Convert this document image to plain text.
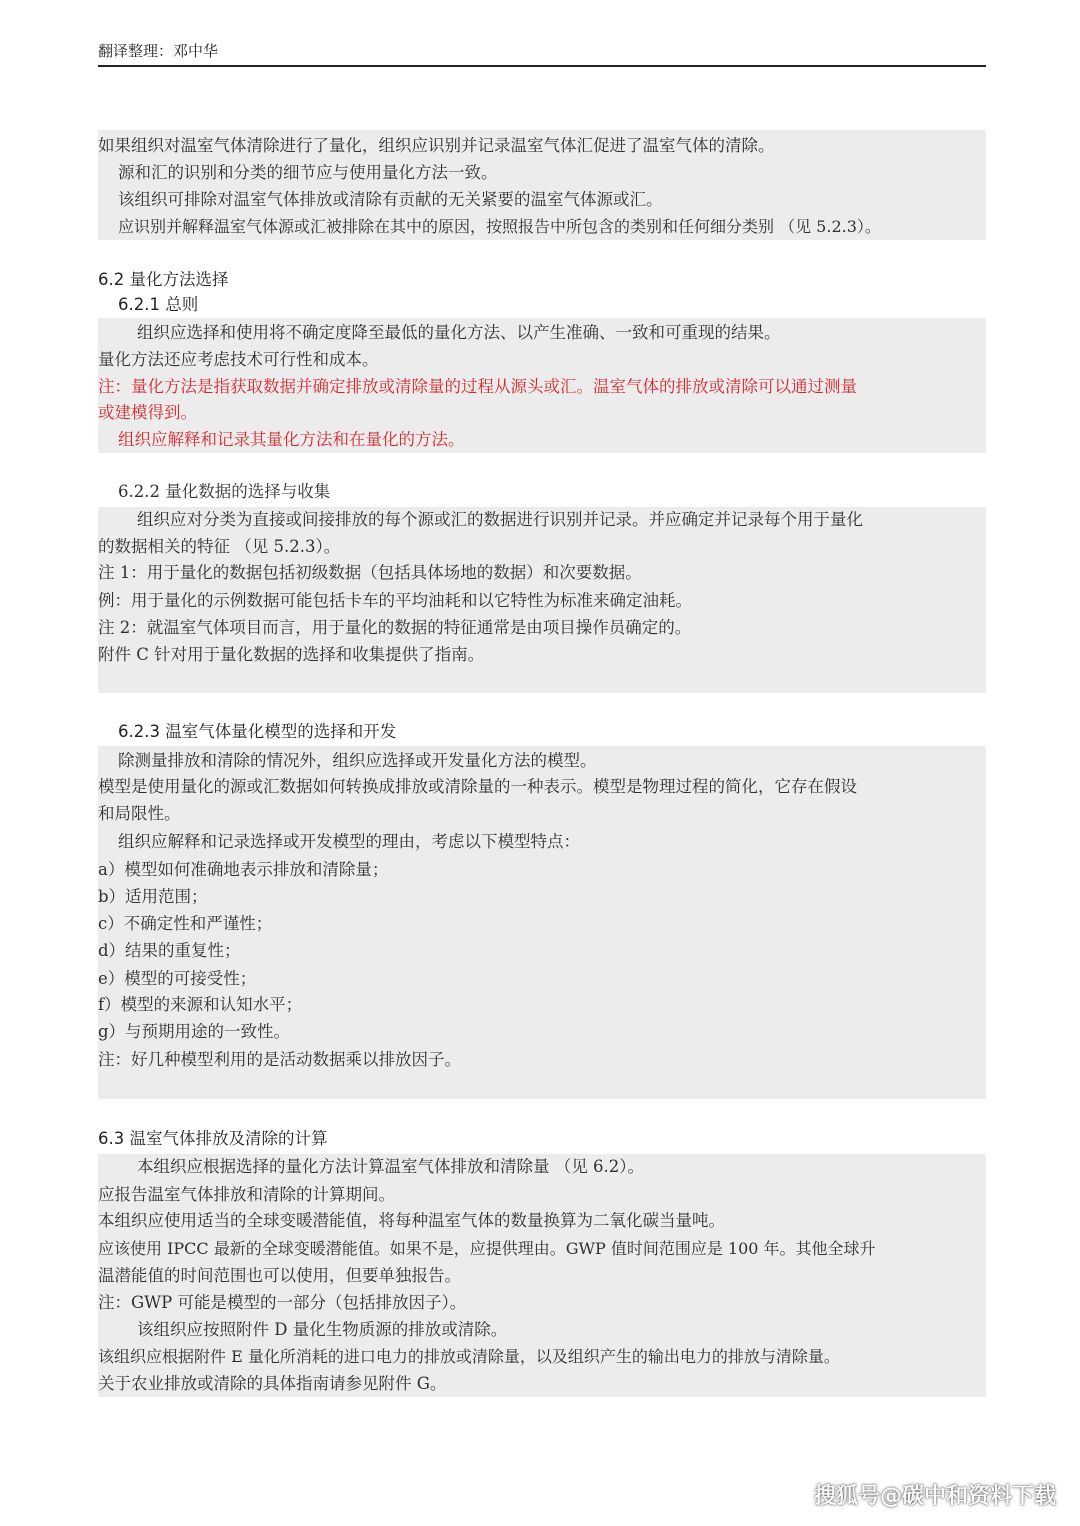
翻译整理：邓中华
如果组织对温室气体清除进行了量化，组织应识别并记录温室气体汇促进了温室气体的清除。
源和汇的识别和分类的细节应与使用量化方法一致。
该组织可排除对温室气体排放或清除有贡献的无关紧要的温室气体源或汇。
应识别并解释温室气体源或汇被排除在其中的原因，按照报告中所包含的类别和任何细分类别 （见 5.2.3）。
6.2 量化方法选择
6.2.1 总则
组织应选择和使用将不确定度降至最低的量化方法、以产生准确、一致和可重现的结果。
量化方法还应考虑技术可行性和成本。
注：量化方法是指获取数据并确定排放或清除量的过程从源头或汇。温室气体的排放或清除可以通过测量
或建模得到。
组织应解释和记录其量化方法和在量化的方法。
6.2.2 量化数据的选择与收集
组织应对分类为直接或间接排放的每个源或汇的数据进行识别并记录。并应确定并记录每个用于量化
的数据相关的特征 （见 5.2.3）。
注 1：用于量化的数据包括初级数据（包括具体场地的数据）和次要数据。
例：用于量化的示例数据可能包括卡车的平均油耗和以它特性为标准来确定油耗。
注 2：就温室气体项目而言，用于量化的数据的特征通常是由项目操作员确定的。
附件 C 针对用于量化数据的选择和收集提供了指南。
6.2.3 温室气体量化模型的选择和开发
除测量排放和清除的情况外，组织应选择或开发量化方法的模型。
模型是使用量化的源或汇数据如何转换成排放或清除量的一种表示。模型是物理过程的简化，它存在假设
和局限性。
组织应解释和记录选择或开发模型的理由，考虑以下模型特点：
a）模型如何准确地表示排放和清除量；
b）适用范围；
c）不确定性和严谨性；
d）结果的重复性；
e）模型的可接受性；
f）模型的来源和认知水平；
g）与预期用途的一致性。
注：好几种模型利用的是活动数据乘以排放因子。
6.3 温室气体排放及清除的计算
本组织应根据选择的量化方法计算温室气体排放和清除量 （见 6.2）。
应报告温室气体排放和清除的计算期间。
本组织应使用适当的全球变暖潜能值，将每种温室气体的数量换算为二氧化碳当量吨。
应该使用 IPCC 最新的全球变暖潜能值。如果不是，应提供理由。GWP 值时间范围应是 100 年。其他全球升
温潜能值的时间范围也可以使用，但要单独报告。
注：GWP 可能是模型的一部分（包括排放因子）。
该组织应按照附件 D 量化生物质源的排放或清除。
该组织应根据附件 E 量化所消耗的进口电力的排放或清除量，以及组织产生的输出电力的排放与清除量。
关于农业排放或清除的具体指南请参见附件 G。
搜狐号@碳中和资料下载
